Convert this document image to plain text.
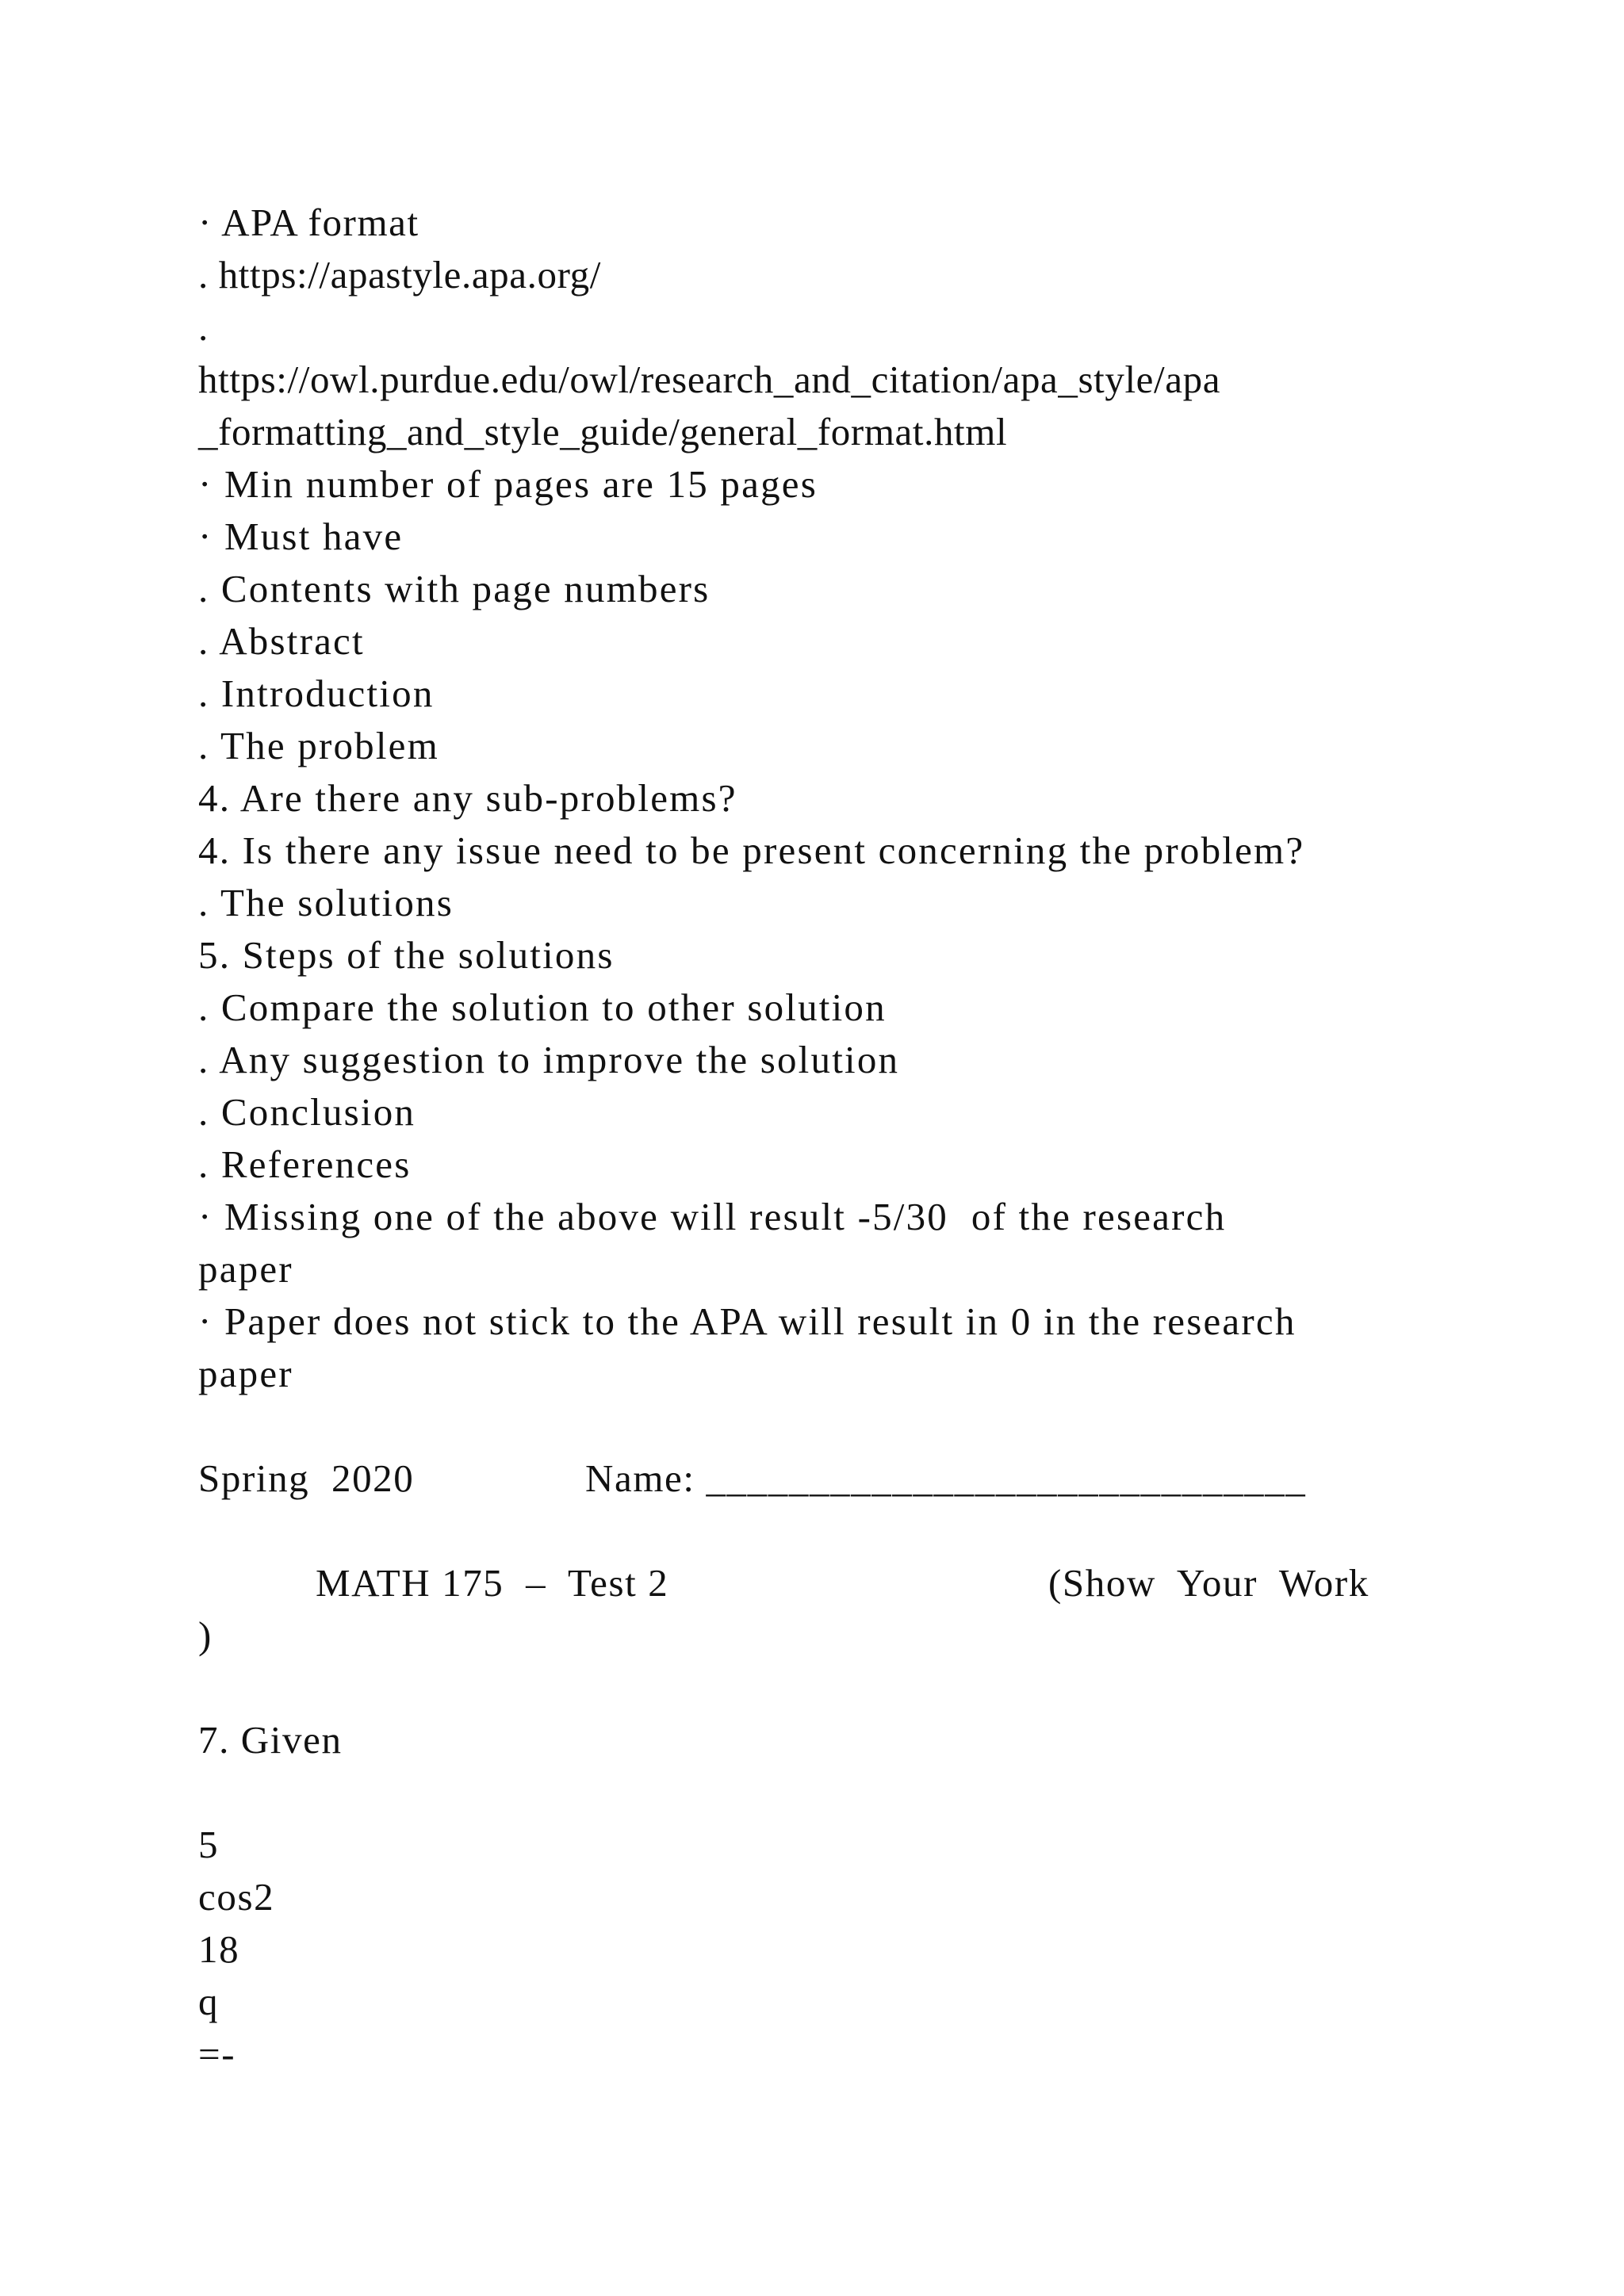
· APA format
. https://apastyle.apa.org/
.
https://owl.purdue.edu/owl/research_and_citation/apa_style/apa
_formatting_and_style_guide/general_format.html
· Min number of pages are 15 pages
· Must have
. Contents with page numbers
. Abstract
. Introduction
. The problem
4. Are there any sub-problems?
4. Is there any issue need to be present concerning the problem?
. The solutions
5. Steps of the solutions
. Compare the solution to other solution
. Any suggestion to improve the solution
. Conclusion
. References
· Missing one of the above will result -5/30  of the research
paper
· Paper does not stick to the APA will result in 0 in the research
paper
Spring  2020	Name: _____________________________
MATH 175  –  Test 2	(Show  Your  Work
)
7. Given
5
cos2
18
q
=-
